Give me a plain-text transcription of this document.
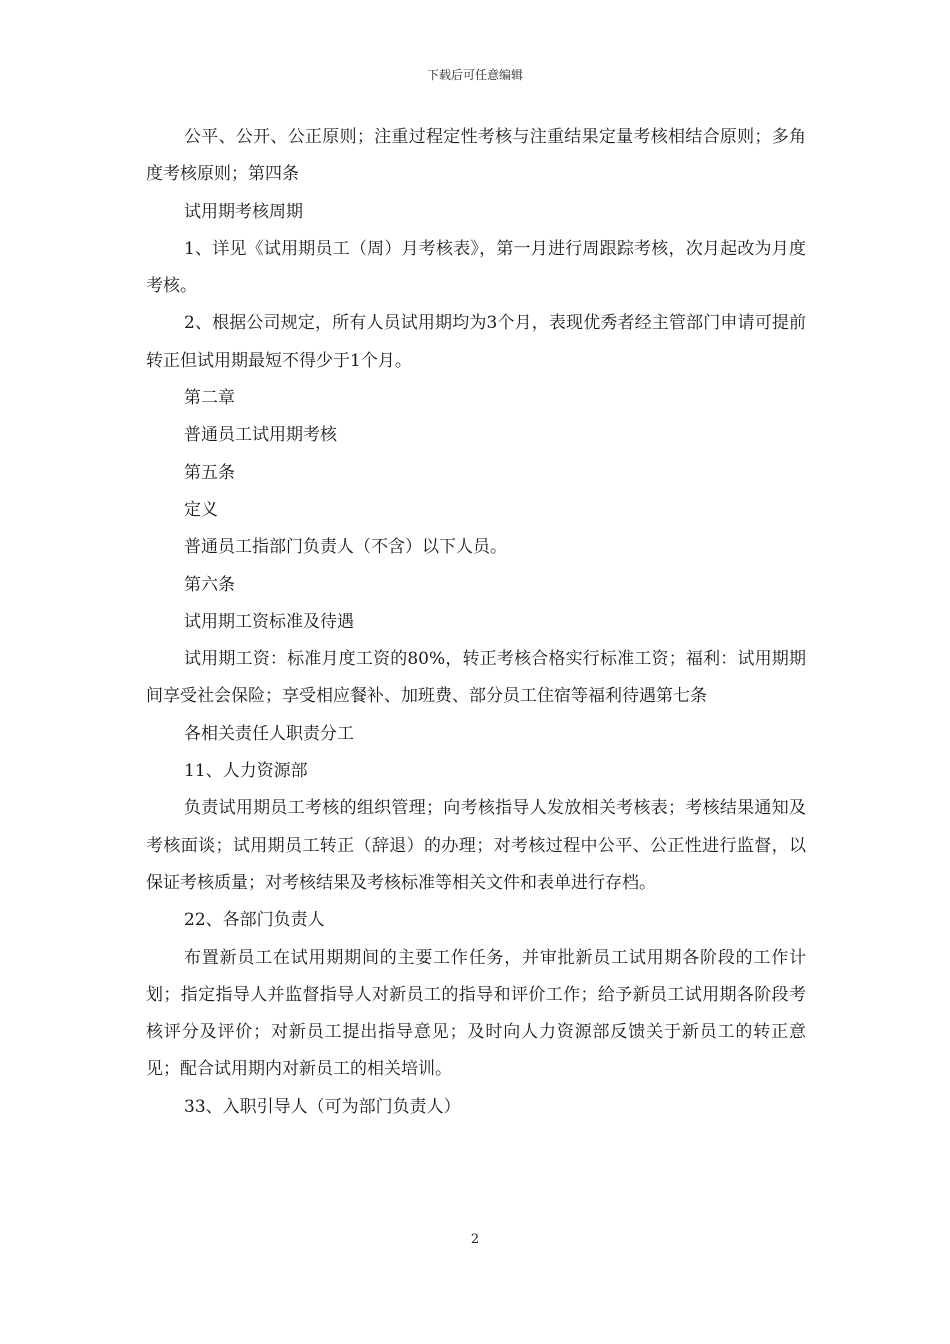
下载后可任意编辑

公平、公开、公正原则；注重过程定性考核与注重结果定量考核相结合原则；多角度考核原则；第四条

试用期考核周期

1、详见《试用期员工（周）月考核表》，第一月进行周跟踪考核，次月起改为月度考核。

2、根据公司规定，所有人员试用期均为3个月，表现优秀者经主管部门申请可提前转正但试用期最短不得少于1个月。

第二章

普通员工试用期考核

第五条

定义

普通员工指部门负责人（不含）以下人员。

第六条

试用期工资标准及待遇

试用期工资：标准月度工资的80%，转正考核合格实行标准工资；福利：试用期期间享受社会保险；享受相应餐补、加班费、部分员工住宿等福利待遇第七条

各相关责任人职责分工

11、人力资源部

负责试用期员工考核的组织管理；向考核指导人发放相关考核表；考核结果通知及考核面谈；试用期员工转正（辞退）的办理；对考核过程中公平、公正性进行监督，以保证考核质量；对考核结果及考核标准等相关文件和表单进行存档。

22、各部门负责人

布置新员工在试用期期间的主要工作任务，并审批新员工试用期各阶段的工作计划；指定指导人并监督指导人对新员工的指导和评价工作；给予新员工试用期各阶段考核评分及评价；对新员工提出指导意见；及时向人力资源部反馈关于新员工的转正意见；配合试用期内对新员工的相关培训。

33、入职引导人（可为部门负责人）

2
